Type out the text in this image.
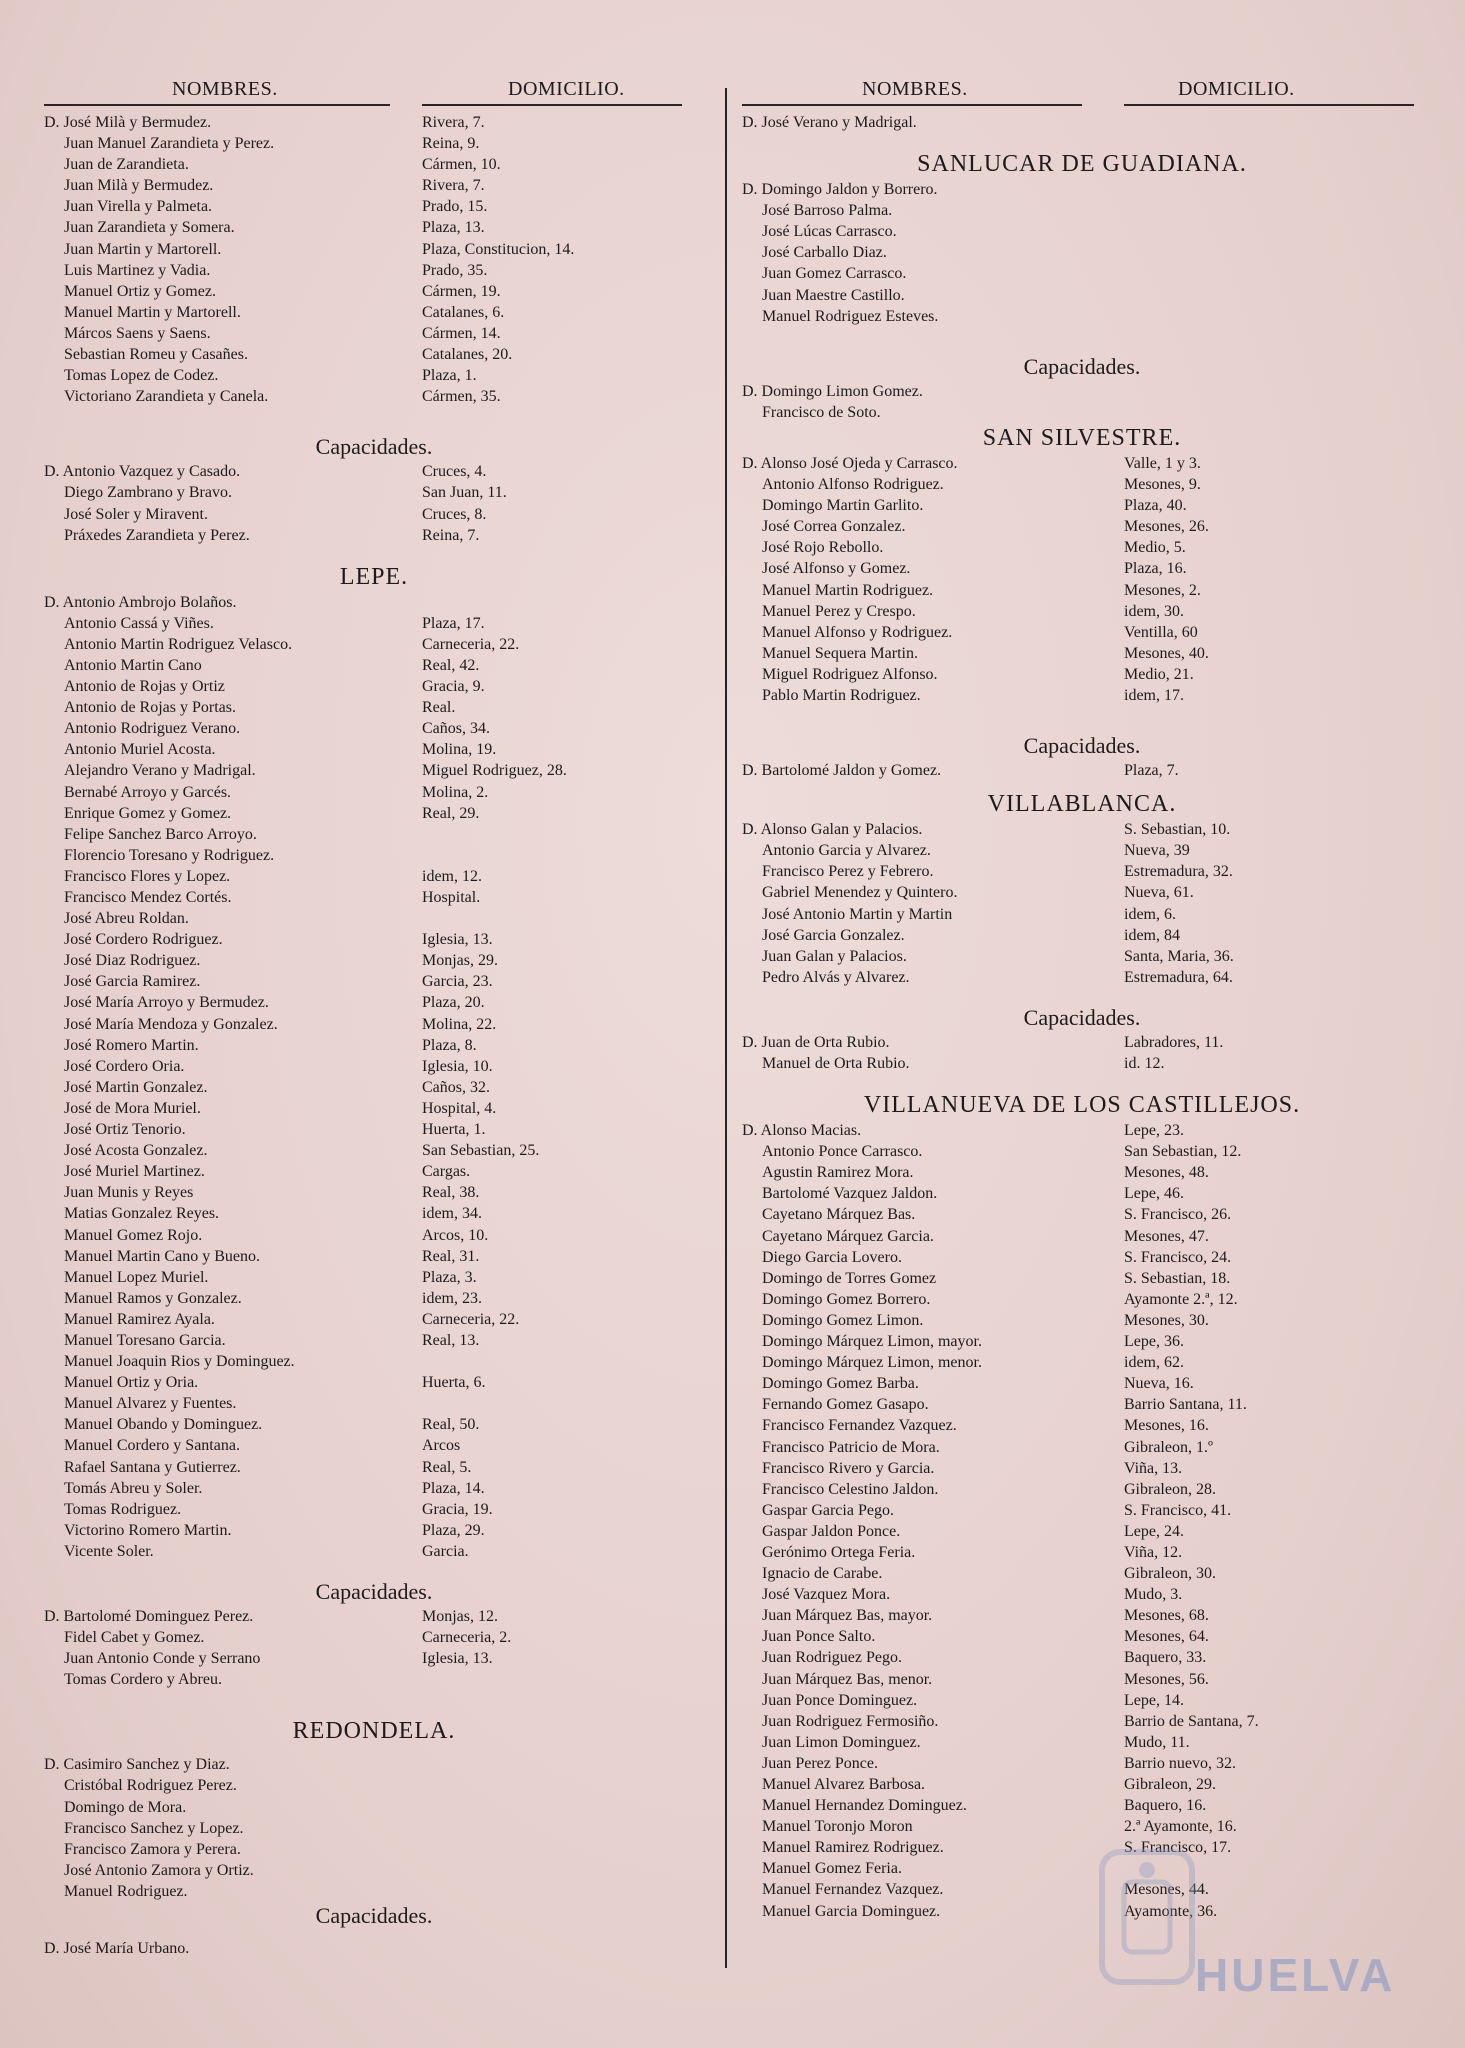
NOMBRES.	DOMICILIO.
D. José Milà y Bermudez.	Rivera, 7.
Juan Manuel Zarandieta y Perez.	Reina, 9.
Juan de Zarandieta.	Cármen, 10.
Juan Milà y Bermudez.	Rivera, 7.
Juan Virella y Palmeta.	Prado, 15.
Juan Zarandieta y Somera.	Plaza, 13.
Juan Martin y Martorell.	Plaza, Constitucion, 14.
Luis Martinez y Vadia.	Prado, 35.
Manuel Ortiz y Gomez.	Cármen, 19.
Manuel Martin y Martorell.	Catalanes, 6.
Márcos Saens y Saens.	Cármen, 14.
Sebastian Romeu y Casañes.	Catalanes, 20.
Tomas Lopez de Codez.	Plaza, 1.
Victoriano Zarandieta y Canela.	Cármen, 35.
Capacidades.
D. Antonio Vazquez y Casado.	Cruces, 4.
Diego Zambrano y Bravo.	San Juan, 11.
José Soler y Miravent.	Cruces, 8.
Práxedes Zarandieta y Perez.	Reina, 7.
LEPE.
D. Antonio Ambrojo Bolaños.
Antonio Cassá y Viñes.	Plaza, 17.
Antonio Martin Rodriguez Velasco.	Carneceria, 22.
Antonio Martin Cano	Real, 42.
Antonio de Rojas y Ortiz	Gracia, 9.
Antonio de Rojas y Portas.	Real.
Antonio Rodriguez Verano.	Caños, 34.
Antonio Muriel Acosta.	Molina, 19.
Alejandro Verano y Madrigal.	Miguel Rodriguez, 28.
Bernabé Arroyo y Garcés.	Molina, 2.
Enrique Gomez y Gomez.	Real, 29.
Felipe Sanchez Barco Arroyo.
Florencio Toresano y Rodriguez.
Francisco Flores y Lopez.	idem, 12.
Francisco Mendez Cortés.	Hospital.
José Abreu Roldan.
José Cordero Rodriguez.	Iglesia, 13.
José Diaz Rodriguez.	Monjas, 29.
José Garcia Ramirez.	Garcia, 23.
José María Arroyo y Bermudez.	Plaza, 20.
José María Mendoza y Gonzalez.	Molina, 22.
José Romero Martin.	Plaza, 8.
José Cordero Oria.	Iglesia, 10.
José Martin Gonzalez.	Caños, 32.
José de Mora Muriel.	Hospital, 4.
José Ortiz Tenorio.	Huerta, 1.
José Acosta Gonzalez.	San Sebastian, 25.
José Muriel Martinez.	Cargas.
Juan Munis y Reyes	Real, 38.
Matias Gonzalez Reyes.	idem, 34.
Manuel Gomez Rojo.	Arcos, 10.
Manuel Martin Cano y Bueno.	Real, 31.
Manuel Lopez Muriel.	Plaza, 3.
Manuel Ramos y Gonzalez.	idem, 23.
Manuel Ramirez Ayala.	Carneceria, 22.
Manuel Toresano Garcia.	Real, 13.
Manuel Joaquin Rios y Dominguez.
Manuel Ortiz y Oria.	Huerta, 6.
Manuel Alvarez y Fuentes.
Manuel Obando y Dominguez.	Real, 50.
Manuel Cordero y Santana.	Arcos
Rafael Santana y Gutierrez.	Real, 5.
Tomás Abreu y Soler.	Plaza, 14.
Tomas Rodriguez.	Gracia, 19.
Victorino Romero Martin.	Plaza, 29.
Vicente Soler.	Garcia.
Capacidades.
D. Bartolomé Dominguez Perez.	Monjas, 12.
Fidel Cabet y Gomez.	Carneceria, 2.
Juan Antonio Conde y Serrano	Iglesia, 13.
Tomas Cordero y Abreu.
REDONDELA.
D. Casimiro Sanchez y Diaz.
Cristóbal Rodriguez Perez.
Domingo de Mora.
Francisco Sanchez y Lopez.
Francisco Zamora y Perera.
José Antonio Zamora y Ortiz.
Manuel Rodriguez.
Capacidades.
D. José María Urbano.
NOMBRES.	DOMICILIO.
D. José Verano y Madrigal.
SANLUCAR DE GUADIANA.
D. Domingo Jaldon y Borrero.
José Barroso Palma.
José Lúcas Carrasco.
José Carballo Diaz.
Juan Gomez Carrasco.
Juan Maestre Castillo.
Manuel Rodriguez Esteves.
Capacidades.
D. Domingo Limon Gomez.
Francisco de Soto.
SAN SILVESTRE.
D. Alonso José Ojeda y Carrasco.	Valle, 1 y 3.
Antonio Alfonso Rodriguez.	Mesones, 9.
Domingo Martin Garlito.	Plaza, 40.
José Correa Gonzalez.	Mesones, 26.
José Rojo Rebollo.	Medio, 5.
José Alfonso y Gomez.	Plaza, 16.
Manuel Martin Rodriguez.	Mesones, 2.
Manuel Perez y Crespo.	idem, 30.
Manuel Alfonso y Rodriguez.	Ventilla, 60
Manuel Sequera Martin.	Mesones, 40.
Miguel Rodriguez Alfonso.	Medio, 21.
Pablo Martin Rodriguez.	idem, 17.
Capacidades.
D. Bartolomé Jaldon y Gomez.	Plaza, 7.
VILLABLANCA.
D. Alonso Galan y Palacios.	S. Sebastian, 10.
Antonio Garcia y Alvarez.	Nueva, 39
Francisco Perez y Febrero.	Estremadura, 32.
Gabriel Menendez y Quintero.	Nueva, 61.
José Antonio Martin y Martin	idem, 6.
José Garcia Gonzalez.	idem, 84
Juan Galan y Palacios.	Santa, Maria, 36.
Pedro Alvás y Alvarez.	Estremadura, 64.
Capacidades.
D. Juan de Orta Rubio.	Labradores, 11.
Manuel de Orta Rubio.	id. 12.
VILLANUEVA DE LOS CASTILLEJOS.
D. Alonso Macias.	Lepe, 23.
Antonio Ponce Carrasco.	San Sebastian, 12.
Agustin Ramirez Mora.	Mesones, 48.
Bartolomé Vazquez Jaldon.	Lepe, 46.
Cayetano Márquez Bas.	S. Francisco, 26.
Cayetano Márquez Garcia.	Mesones, 47.
Diego Garcia Lovero.	S. Francisco, 24.
Domingo de Torres Gomez	S. Sebastian, 18.
Domingo Gomez Borrero.	Ayamonte 2.ª, 12.
Domingo Gomez Limon.	Mesones, 30.
Domingo Márquez Limon, mayor.	Lepe, 36.
Domingo Márquez Limon, menor.	idem, 62.
Domingo Gomez Barba.	Nueva, 16.
Fernando Gomez Gasapo.	Barrio Santana, 11.
Francisco Fernandez Vazquez.	Mesones, 16.
Francisco Patricio de Mora.	Gibraleon, 1.º
Francisco Rivero y Garcia.	Viña, 13.
Francisco Celestino Jaldon.	Gibraleon, 28.
Gaspar Garcia Pego.	S. Francisco, 41.
Gaspar Jaldon Ponce.	Lepe, 24.
Gerónimo Ortega Feria.	Viña, 12.
Ignacio de Carabe.	Gibraleon, 30.
José Vazquez Mora.	Mudo, 3.
Juan Márquez Bas, mayor.	Mesones, 68.
Juan Ponce Salto.	Mesones, 64.
Juan Rodriguez Pego.	Baquero, 33.
Juan Márquez Bas, menor.	Mesones, 56.
Juan Ponce Dominguez.	Lepe, 14.
Juan Rodriguez Fermosiño.	Barrio de Santana, 7.
Juan Limon Dominguez.	Mudo, 11.
Juan Perez Ponce.	Barrio nuevo, 32.
Manuel Alvarez Barbosa.	Gibraleon, 29.
Manuel Hernandez Dominguez.	Baquero, 16.
Manuel Toronjo Moron	2.ª Ayamonte, 16.
Manuel Ramirez Rodriguez.	S. Francisco, 17.
Manuel Gomez Feria.
Manuel Fernandez Vazquez.	Mesones, 44.
Manuel Garcia Dominguez.	Ayamonte, 36.
HUELVA
